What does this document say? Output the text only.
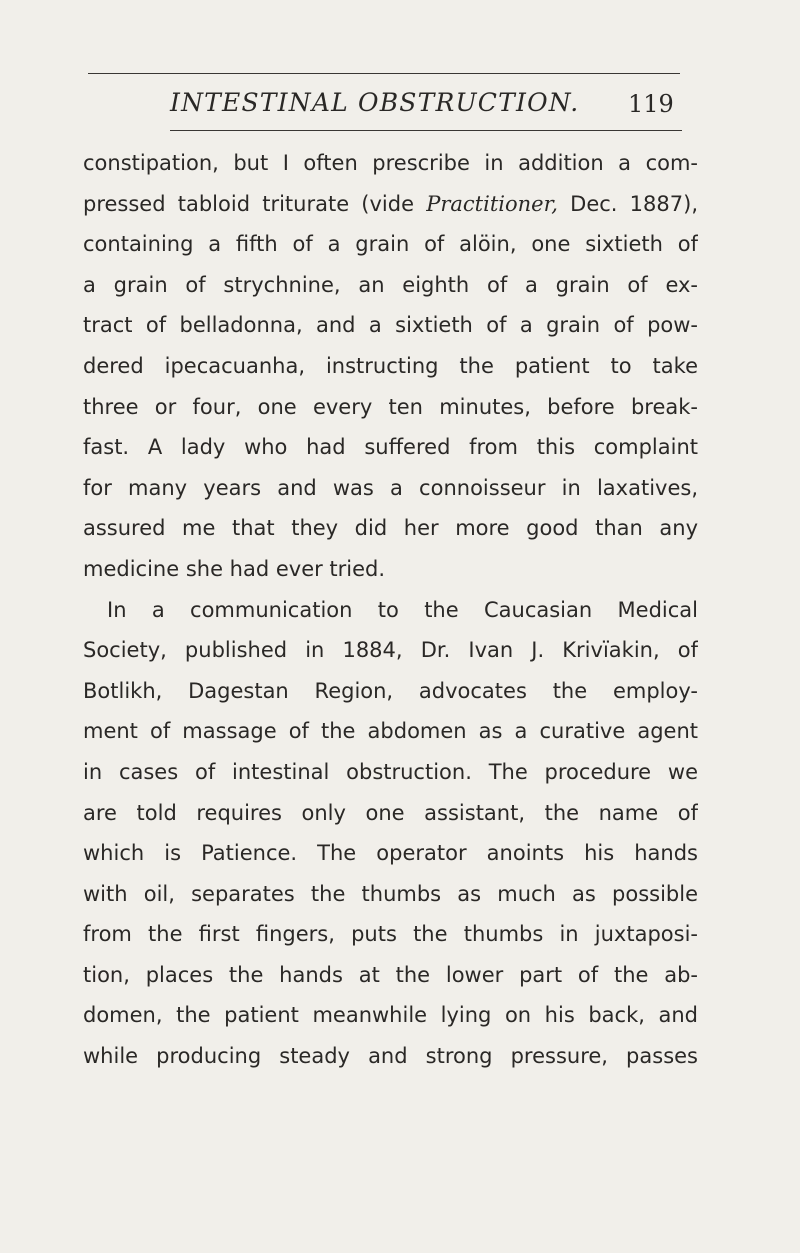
INTESTINAL OBSTRUCTION. 119
constipation, but I often prescribe in addition a com-
pressed tabloid triturate (vide Practitioner, Dec. 1887),
containing a fifth of a grain of alöin, one sixtieth of
a grain of strychnine, an eighth of a grain of ex-
tract of belladonna, and a sixtieth of a grain of pow-
dered ipecacuanha, instructing the patient to take
three or four, one every ten minutes, before break-
fast. A lady who had suffered from this complaint
for many years and was a connoisseur in laxatives,
assured me that they did her more good than any
medicine she had ever tried.
In a communication to the Caucasian Medical
Society, published in 1884, Dr. Ivan J. Krivïakin, of
Botlikh, Dagestan Region, advocates the employ-
ment of massage of the abdomen as a curative agent
in cases of intestinal obstruction. The procedure we
are told requires only one assistant, the name of
which is Patience. The operator anoints his hands
with oil, separates the thumbs as much as possible
from the first fingers, puts the thumbs in juxtaposi-
tion, places the hands at the lower part of the ab-
domen, the patient meanwhile lying on his back, and
while producing steady and strong pressure, passes
